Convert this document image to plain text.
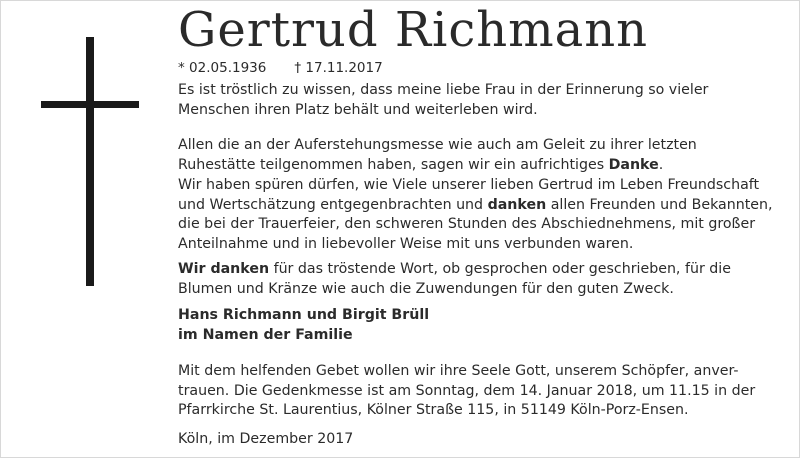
Gertrud Richmann
* 02.05.1936 † 17.11.2017
Es ist tröstlich zu wissen, dass meine liebe Frau in der Erinnerung so vieler
Menschen ihren Platz behält und weiterleben wird.
Allen die an der Auferstehungsmesse wie auch am Geleit zu ihrer letzten
Ruhestätte teilgenommen haben, sagen wir ein aufrichtiges Danke.
Wir haben spüren dürfen, wie Viele unserer lieben Gertrud im Leben Freundschaft
und Wertschätzung entgegenbrachten und danken allen Freunden und Bekannten,
die bei der Trauerfeier, den schweren Stunden des Abschiednehmens, mit großer
Anteilnahme und in liebevoller Weise mit uns verbunden waren.
Wir danken für das tröstende Wort, ob gesprochen oder geschrieben, für die
Blumen und Kränze wie auch die Zuwendungen für den guten Zweck.
Hans Richmann und Birgit Brüll
im Namen der Familie
Mit dem helfenden Gebet wollen wir ihre Seele Gott, unserem Schöpfer, anver-
trauen. Die Gedenkmesse ist am Sonntag, dem 14. Januar 2018, um 11.15 in der
Pfarrkirche St. Laurentius, Kölner Straße 115, in 51149 Köln-Porz-Ensen.
Köln, im Dezember 2017
